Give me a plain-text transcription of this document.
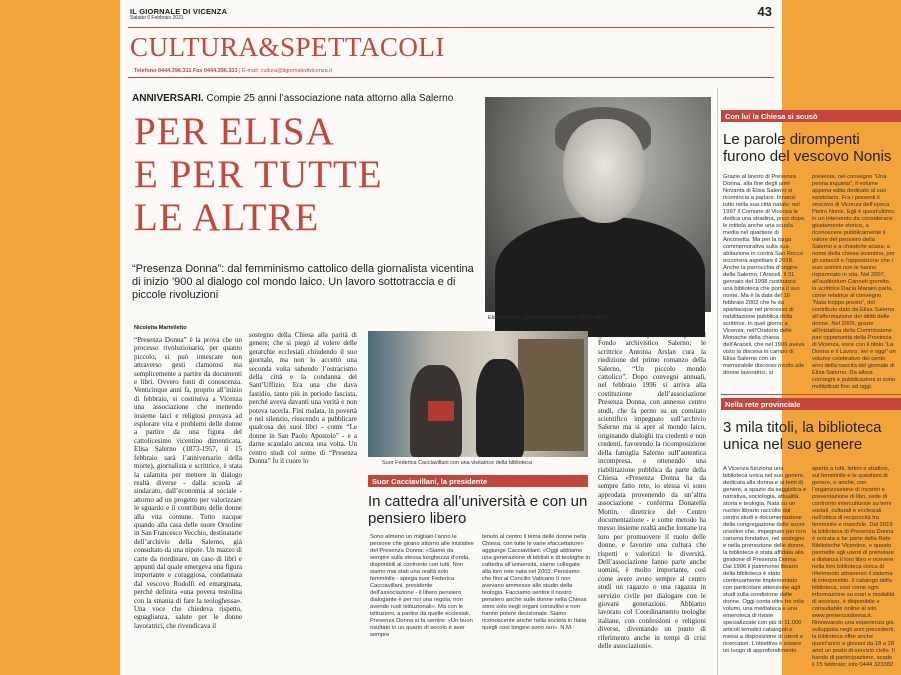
IL GIORNALE DI VICENZA
Sabato 6 Febbraio 2021	43
CULTURA&SPETTACOLI
Telefono 0444.396.311 Fax 0444.396.333 | E-mail: cultura@ilgiornaledivicenza.it
ANNIVERSARI. Compie 25 anni l’associazione nata attorno alla Salerno
PER ELISA
E PER TUTTE
LE ALTRE
“Presenza Donna”: dal femminismo cattolico della giornalista vicentina di inizio ’900 al dialogo col mondo laico. Un lavoro sottotraccia e di piccole rivoluzioni
Nicoletta Martelletto
Elisa Salerno, giornalista e scrittrice (1873-1957)
“Presenza Donna” è la prova che un processo rivoluzionario, per quanto piccolo, si può innescare non attraverso gesti clamorosi ma semplicemente a partire da documenti e libri. Ovvero fonti di conoscenza. Venticinque anni fa, proprio all’inizio di febbraio, si costituiva a Vicenza una associazione che mettendo insieme laici e religiosi provava ad esplorare vita e problemi delle donne a partire da una figura del cattolicesimo vicentino dimenticata. Elisa Salerno (1873-1957, il 15 febbraio sarà l’anniversario della morte), giornalista e scrittrice, è stata la calamita per mettere in dialogo realtà diverse - dalla scuola al sindacato, dall’economia al sociale - attorno ad un progetto per valorizzare le sguardo e il contributo delle donne alla vita comune. Tutto nacque quando alla casa delle suore Orsoline in San Francesco Vecchio, destinatarie dell’archivio della Salerno, già consultato da una nipote. Un mazzo di carte da riordinare, un caso di libri e appunti dal quale emergeva una figura importante e coraggiosa, condannata dal vescovo Rodolfi ed emarginata, perché definita «una povera testolina con la smania di fare la teologhessa». Una voce che chiedeva rispetto, eguaglianza, salute per le donne lavoratrici, che rivendicava il
sostegno della Chiesa alla parità di genere; che si piegò al volere delle gerarchie ecclesiali chiudendo il suo giornale, ma non lo accettò una seconda volta subendo l’ostracismo della città e la condanna del Sant’Uffizio. Era una che dava fastidio, tanto più in periodo fascista, perché aveva davanti una verità e non poteva tacerla. Finì malata, in povertà e nel silenzio, riuscendo a pubblicare qualcosa dei suoi libri - come “Le donne in San Paolo Apostolo” - e a darne scandalo ancora una volta. Un centro studi col nome di “Presenza Donna” fu il cuore lo	Suor Federica Cacciavillani con una visitatrice della biblioteca
gno sulle nuove povertà e impostò il Fondo archivistico Salerno; le scrittrice Antonia Arslan cura la riedizione del primo romanzo della Salerno, “Un piccolo mondo cattolico”. Dopo convegni annuali, nel febbraio 1996 si arriva alla costituzione dell’associazione Presenza Donna, con annesso centro studi, che fa perno su un comitato scientifico impegnato sull’archivio Salerno ma si apre al mondo laico, originando dialoghi tra credenti e non credenti, favorendo la ricomposizione della famiglia Salerno sull’autentica incompresa, e ottenendo una riabilitazione pubblica da parte della Chiesa. «Presenza Donna ha da sempre fatto rete, io stessa vi sono approdata provenendo da un’altra associazione - conferma Donatella Mottin, direttrice del Centro documentazione - e come metodo ha messo insieme realtà anche lontane tra loro per promuovere il ruolo delle donne, e favorire una cultura che rispetti e valorizzi le diversità. Dell’associazione fanno parte anche uomini, è molto importante, così come avere avuto sempre al centro studi un ragazzo o una ragazza in servizio civile per dialogare con le giovani generazioni. Abbiamo lavorato col Coordinamento teologhe italiane, con confessioni e religioni diverse, diventando un punto di riferimento anche in tempi di crisi delle associazioni».
Suor Cacciavillani, la presidente
In cattedra all’università e con un pensiero libero
Sono almeno un migliaio l’anno le persone che girano attorno alle iniziative del Presenza Donna: «Siamo da sempre sulla stessa lunghezza d’onda, disponibili al confronto con tutti. Non siamo mai stati una realtà solo femminile - spiega suor Federica Cacciavillani, presidente dell’associazione - il libero pensiero dialogante è per noi una regola, non avendo ruoli istituzionali». Ma con le istituzioni, a partire da quelle ecclesiali, Presenza Donna si fa sentire: «Un buon risultato in un quarto di secolo è aver sempre
tenuto al centro il tema delle donne nella Chiesa, con tutte le varie sfaccettature» aggiunge Cacciavillani. «Oggi abbiamo una generazione di biblisti e di teologhe in cattedra all’università, siamo collegate alla loro rete nata nel 2003. Pensiamo che fino al Concilio Vaticano II non avevano ammesse allo studio della teologia. Facciamo sentire il nostro pensiero anche sulle donne nella Chiesa sono solo negli organi consultivi e non hanno potere decisionale. Siamo riconoscente anche nella società in Italia quegli così longevi sono rari». N.M.
Con lui la Chiesa si scusò
Le parole dirompenti furono del vescovo Nonis
Grazie al lavoro di Presenza Donna, alla fine degli anni Novanta di Elisa Salerno si ricomincia a parlare. Innanzi tutto nella sua città natale: nel 1997 il Comune di Vicenza le dedica una stradina, poco dopo, le intitola anche una scuola media nel quartiere di Anconetta. Ma per la targa commemorativa sulla sua abitazione in contrà San Rocco occorrerà aspettare il 2018. Anche la parrocchia d’origine della Salerno, l’Araceli, il 31 gennaio del 1998 costituisce una biblioteca che porta il suo nome. Ma è la data del 16 febbraio 2002 che fa da spartiacque nel processo di riabilitazione pubblica della scrittrice. In quel giorno a Vicenza, nell’Oratorio delle Monache della chiesa dell’Araceli, che nel 1906 aveva visto la discesa in campo di Elisa Salerno con un memorabile discorso rivolto alle donne lavoratrici, si
presenta, nel convegno “Una penna inquieta”, il volume appena edito dedicato al suo epistolario. Fra i presenti il vescovo di Vicenza dell’epoca Pietro Nonis. Egli è quest’ultimo, in un intervento da considerarsi giustamente storico, a riconoscere pubblicamente il valore del pensiero della Salerno e a chiederle scusa, a nome della chiesa vicentina, per gli ostacoli e l’opposizione che i suoi uomini non le hanno risparmiato in vita. Nel 2007, all’auditorium Canneti gremito, la scrittrice Dacia Maraini parla, come relatrice al convegno “Nata troppo presto”, del contributo dato da Elisa Salerno all’affermazione dei diritti delle donne. Nel 2009, grazie all’iniziativa della Commissione pari opportunità della Provincia di Vicenza, esce con il titolo “La Donna e il Lavoro, ieri e oggi” un volume celebrativo dei cento anni della nascita del giornale di Elisa Salerno. Da allora convegni e pubblicazioni si sono moltiplicati fino ad oggi.
Nella rete provinciale
3 mila titoli, la biblioteca unica nel suo genere
A Vicenza funziona una biblioteca unica nel suo genere, dedicata alla donna e ai temi di genere, a spazio da saggistica e narrativa, sociologia, attualità, storia e teologia. Nata su un nucleo librario raccolto dal centro studi e documentazione della congregazione delle suore orsoline che, impegnate per loro carisma fondativo, nel sostegno e nella promozione delle donne, la biblioteca è stata affidata alla gestione di Presenza Donna. Dal 1996 il patrimonio librario della biblioteca è stato continuamente implementato con particolare attenzione agli studi sulla condizione delle donne. Oggi conta oltre tre mila volumi, una mediateca e una emeroteca di riviste specializzate con più di 11.000 articoli tematici catalogati e messi a disposizione di utenti e ricercatori. L’obiettivo è essere un luogo di approfondimento
aperto a tutti, lettori e studiosi, sul femminile e le questioni di genere, e anche, con l’organizzazione di incontri e presentazione di libri, sede di confronto interculturale su temi sociali, culturali e ecclesiali, nell’ottica di reciprocità tra femminile e maschile. Dal 2019 la biblioteca di Presenza Donna è entrata a far parte della Rete Biblioteche Vicentine, e questo permette agli utenti di prenotare a distanza il loro libro e ricevere nella loro biblioteca civica di riferimento attraverso il sistema di interprestito. Il catalogo della biblioteca, così come ogni informazione su orari e modalità di accesso, è disponibile e consultabile online al sito www.presenzadonna.it. Rinnovando una esperienza già sviluppata negli anni precedenti, la biblioteca offre anche quest’anno a giovani da 18 a 28 anni un posto di servizio civile. Il bando di partecipazione, scade il 15 febbraio; info 0444 323382
